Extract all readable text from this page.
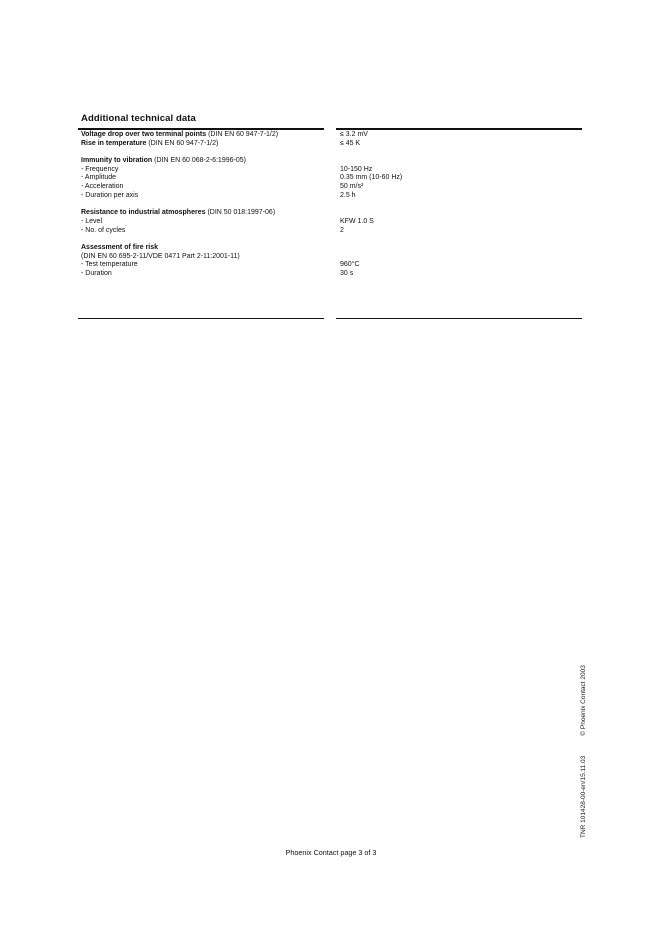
Additional technical data
Voltage drop over two terminal points (DIN EN 60 947-7-1/2)
Rise in temperature (DIN EN 60 947-7-1/2)
Immunity to vibration (DIN EN 60 068-2-6:1996-05)
- Frequency
- Amplitude
- Acceleration
- Duration per axis
Resistance to industrial atmospheres (DIN 50 018:1997-06)
- Level
- No. of cycles
Assessment of fire risk
(DIN EN 60 695-2-11/VDE 0471 Part 2-11:2001-11)
- Test temperature
- Duration
≤ 3.2 mV
≤ 45 K
10-150 Hz
0.35 mm (10-60 Hz)
50 m/s²
2.5 h
KFW 1.0 S
2
960°C
30 s
TNR 101428-00-en/15.11.03© Phoenix Contact 2003
Phoenix Contact page 3 of 3
